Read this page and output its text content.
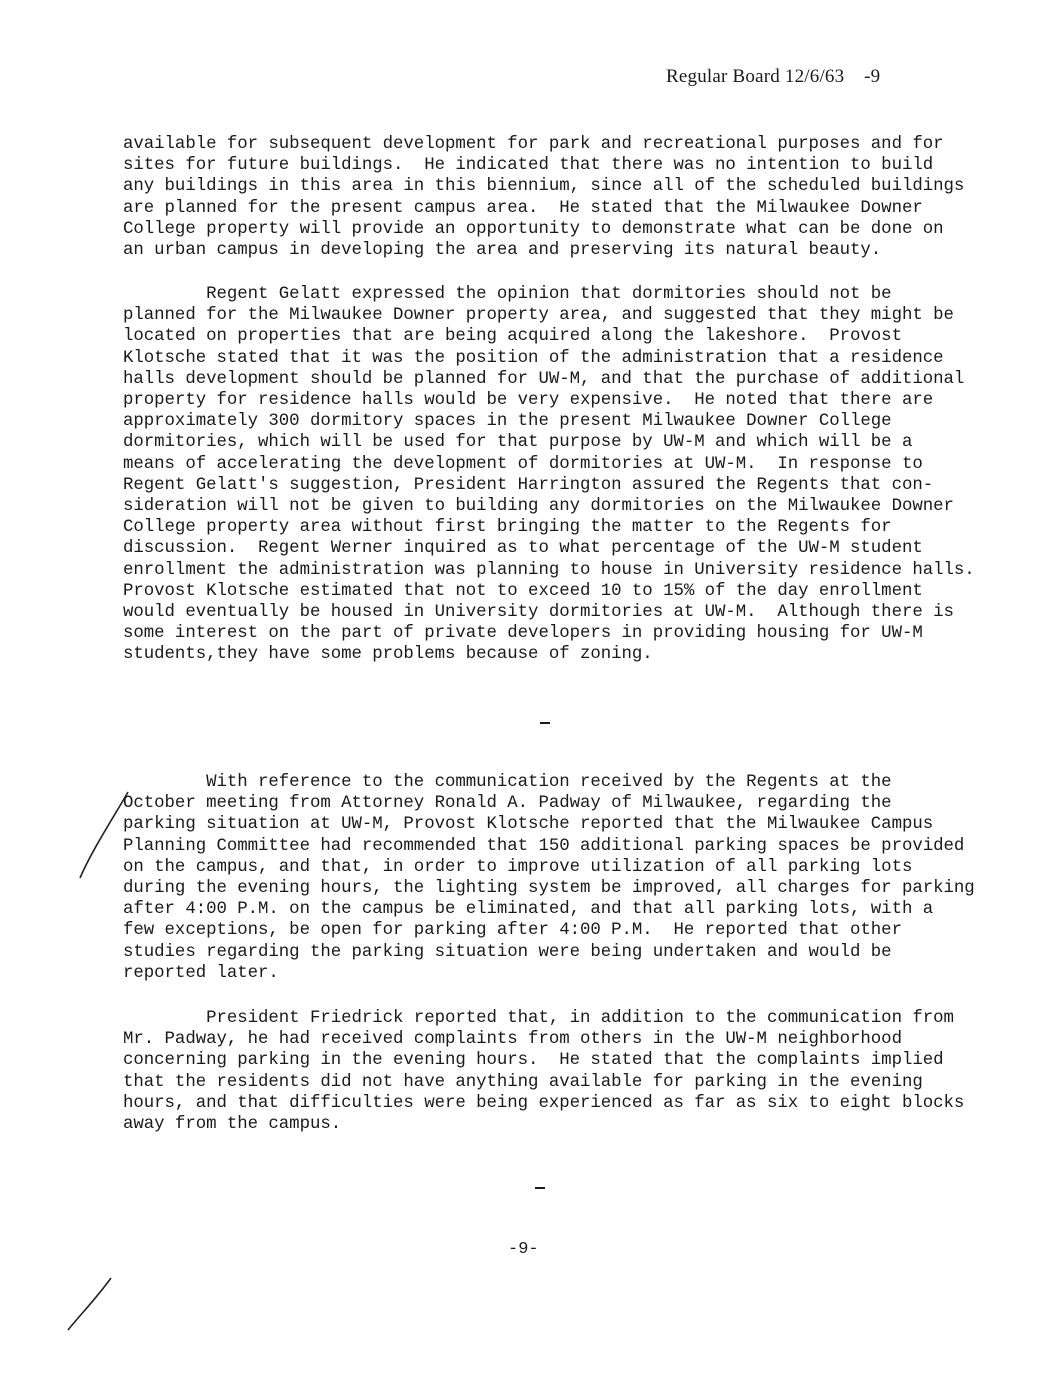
Regular Board 12/6/63 -9
available for subsequent development for park and recreational purposes and for
sites for future buildings.  He indicated that there was no intention to build
any buildings in this area in this biennium, since all of the scheduled buildings
are planned for the present campus area.  He stated that the Milwaukee Downer
College property will provide an opportunity to demonstrate what can be done on
an urban campus in developing the area and preserving its natural beauty.
Regent Gelatt expressed the opinion that dormitories should not be
planned for the Milwaukee Downer property area, and suggested that they might be
located on properties that are being acquired along the lakeshore.  Provost
Klotsche stated that it was the position of the administration that a residence
halls development should be planned for UW-M, and that the purchase of additional
property for residence halls would be very expensive.  He noted that there are
approximately 300 dormitory spaces in the present Milwaukee Downer College
dormitories, which will be used for that purpose by UW-M and which will be a
means of accelerating the development of dormitories at UW-M.  In response to
Regent Gelatt's suggestion, President Harrington assured the Regents that con-
sideration will not be given to building any dormitories on the Milwaukee Downer
College property area without first bringing the matter to the Regents for
discussion.  Regent Werner inquired as to what percentage of the UW-M student
enrollment the administration was planning to house in University residence halls.
Provost Klotsche estimated that not to exceed 10 to 15% of the day enrollment
would eventually be housed in University dormitories at UW-M.  Although there is
some interest on the part of private developers in providing housing for UW-M
students,they have some problems because of zoning.
With reference to the communication received by the Regents at the
October meeting from Attorney Ronald A. Padway of Milwaukee, regarding the
parking situation at UW-M, Provost Klotsche reported that the Milwaukee Campus
Planning Committee had recommended that 150 additional parking spaces be provided
on the campus, and that, in order to improve utilization of all parking lots
during the evening hours, the lighting system be improved, all charges for parking
after 4:00 P.M. on the campus be eliminated, and that all parking lots, with a
few exceptions, be open for parking after 4:00 P.M.  He reported that other
studies regarding the parking situation were being undertaken and would be
reported later.
President Friedrick reported that, in addition to the communication from
Mr. Padway, he had received complaints from others in the UW-M neighborhood
concerning parking in the evening hours.  He stated that the complaints implied
that the residents did not have anything available for parking in the evening
hours, and that difficulties were being experienced as far as six to eight blocks
away from the campus.
-9-
